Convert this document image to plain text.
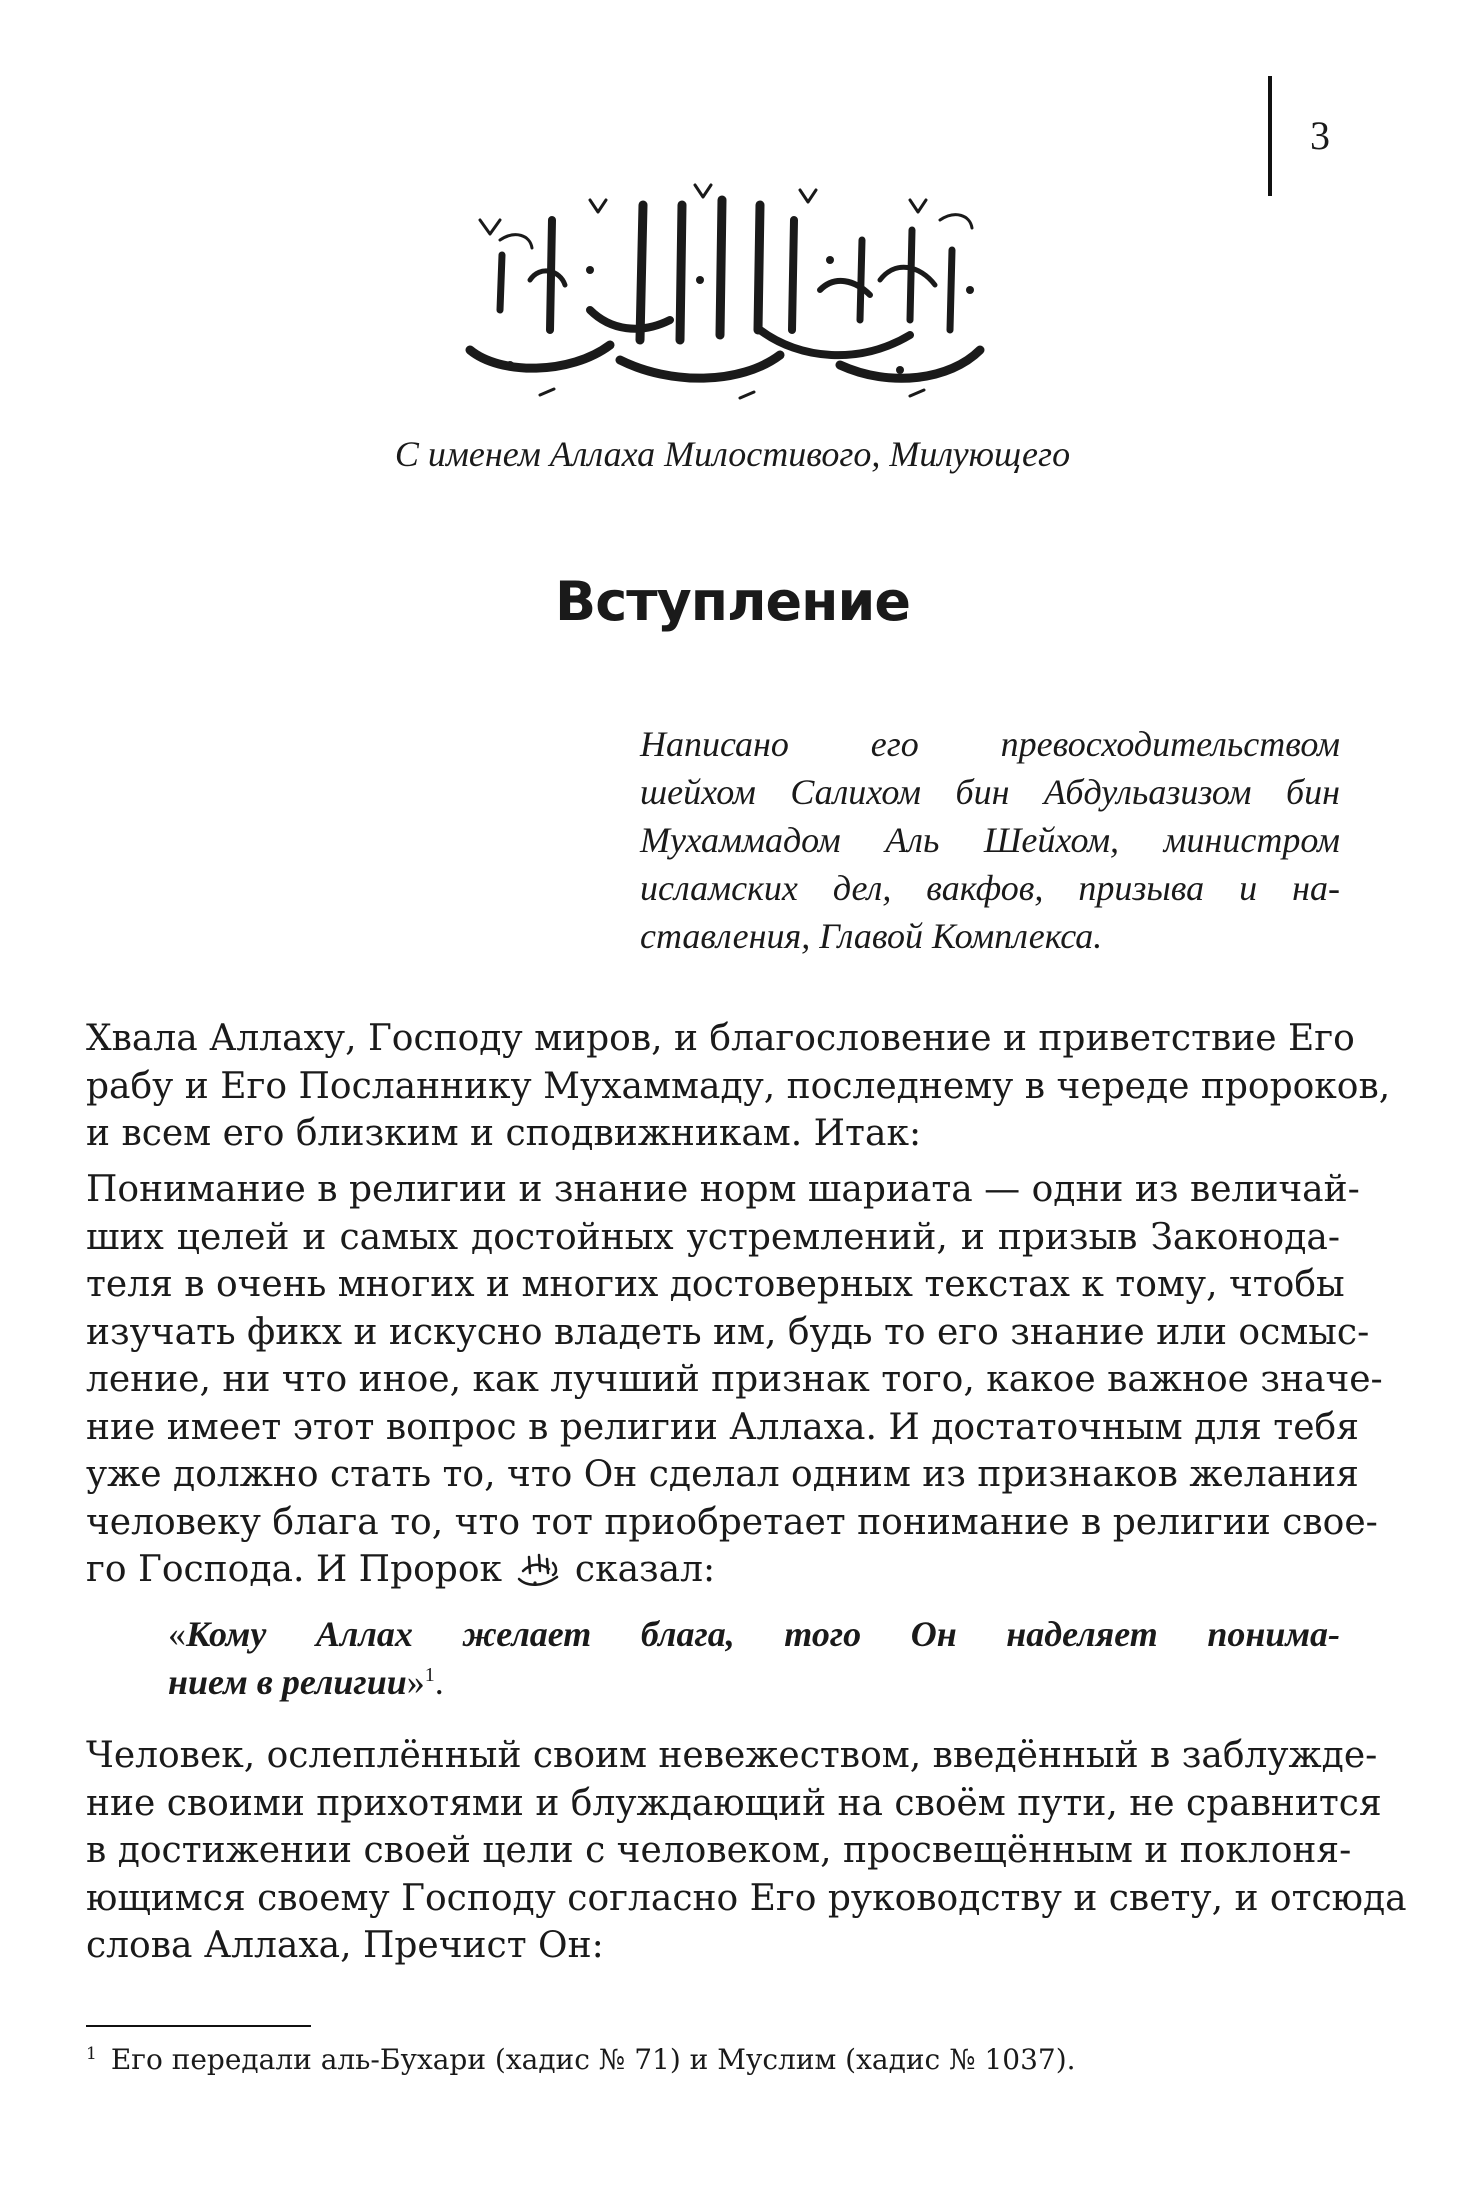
3
С именем Аллаха Милостивого, Милующего
Вступление
Написано его превосходительством
шейхом Салихом бин Абдульазизом бин
Мухаммадом Аль Шейхом, министром
исламских дел, вакфов, призыва и на-
ставления, Главой Комплекса.
Хвала Аллаху, Господу миров, и благословение и приветствие Его
рабу и Его Посланнику Мухаммаду, последнему в череде пророков,
и всем его близким и сподвижникам. Итак:
Понимание в религии и знание норм шариата — одни из величай-
ших целей и самых достойных устремлений, и призыв Законода-
теля в очень многих и многих достоверных текстах к тому, чтобы
изучать фикх и искусно владеть им, будь то его знание или осмыс-
ление, ни что иное, как лучший признак того, какое важное значе-
ние имеет этот вопрос в религии Аллаха. И достаточным для тебя
уже должно стать то, что Он сделал одним из признаков желания
человеку блага то, что тот приобретает понимание в религии свое-
го Господа. И Пророк сказал:
«Кому Аллах желает блага, того Он наделяет понима-
нием в религии»$^1$.
Человек, ослеплённый своим невежеством, введённый в заблужде-
ние своими прихотями и блуждающий на своём пути, не сравнится
в достижении своей цели с человеком, просвещённым и поклоня-
ющимся своему Господу согласно Его руководству и свету, и отсюда
слова Аллаха, Пречист Он:
$^1$ Его передали аль-Бухари (хадис № 71) и Муслим (хадис № 1037).
